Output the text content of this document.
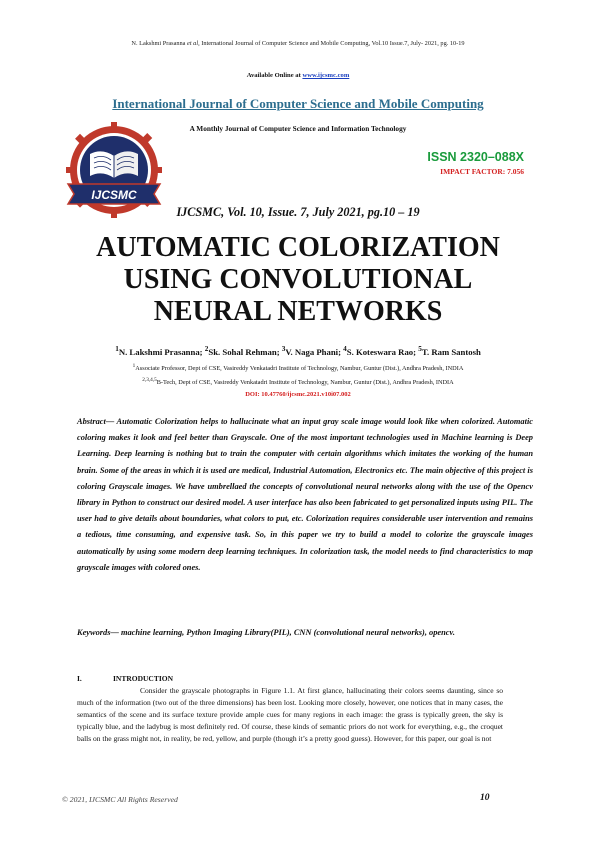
N. Lakshmi Prasanna et al, International Journal of Computer Science and Mobile Computing, Vol.10 Issue.7, July- 2021, pg. 10-19
Available Online at www.ijcsmc.com
International Journal of Computer Science and Mobile Computing
A Monthly Journal of Computer Science and Information Technology
IJCSMC
ISSN 2320–088X
IMPACT FACTOR: 7.056
IJCSMC, Vol. 10, Issue. 7, July 2021, pg.10 – 19
AUTOMATIC COLORIZATION
USING CONVOLUTIONAL
NEURAL NETWORKS
$^1$N. Lakshmi Prasanna; $^2$Sk. Sohal Rehman; $^3$V. Naga Phani; $^4$S. Koteswara Rao; $^5$T. Ram Santosh
$^1$Associate Professor, Dept of CSE, Vasireddy Venkatadri Institute of Technology, Nambur, Guntur (Dist.), Andhra Pradesh, INDIA
$^{2,3,4,5}$B-Tech, Dept of CSE, Vasireddy Venkatadri Institute of Technology, Nambur, Guntur (Dist.), Andhra Pradesh, INDIA
DOI: 10.47760/ijcsmc.2021.v10i07.002
Abstract— Automatic Colorization helps to hallucinate what an input gray scale image would look like when colorized. Automatic coloring makes it look and feel better than Grayscale. One of the most important technologies used in Machine learning is Deep Learning. Deep learning is nothing but to train the computer with certain algorithms which imitates the working of the human brain. Some of the areas in which it is used are medical, Industrial Automation, Electronics etc. The main objective of this project is coloring Grayscale images. We have umbrellaed the concepts of convolutional neural networks along with the use of the Opencv library in Python to construct our desired model. A user interface has also been fabricated to get personalized inputs using PIL. The user had to give details about boundaries, what colors to put, etc. Colorization requires considerable user intervention and remains a tedious, time consuming, and expensive task. So, in this paper we try to build a model to colorize the grayscale images automatically by using some modern deep learning techniques. In colorization task, the model needs to find characteristics to map grayscale images with colored ones.
Keywords— machine learning, Python Imaging Library(PIL), CNN (convolutional neural networks), opencv.
I.	INTRODUCTION
Consider the grayscale photographs in Figure 1.1. At first glance, hallucinating their colors seems daunting, since so much of the information (two out of the three dimensions) has been lost. Looking more closely, however, one notices that in many cases, the semantics of the scene and its surface texture provide ample cues for many regions in each image: the grass is typically green, the sky is typically blue, and the ladybug is most definitely red. Of course, these kinds of semantic priors do not work for everything, e.g., the croquet balls on the grass might not, in reality, be red, yellow, and purple (though it’s a pretty good guess). However, for this paper, our goal is not
© 2021, IJCSMC All Rights Reserved	10
